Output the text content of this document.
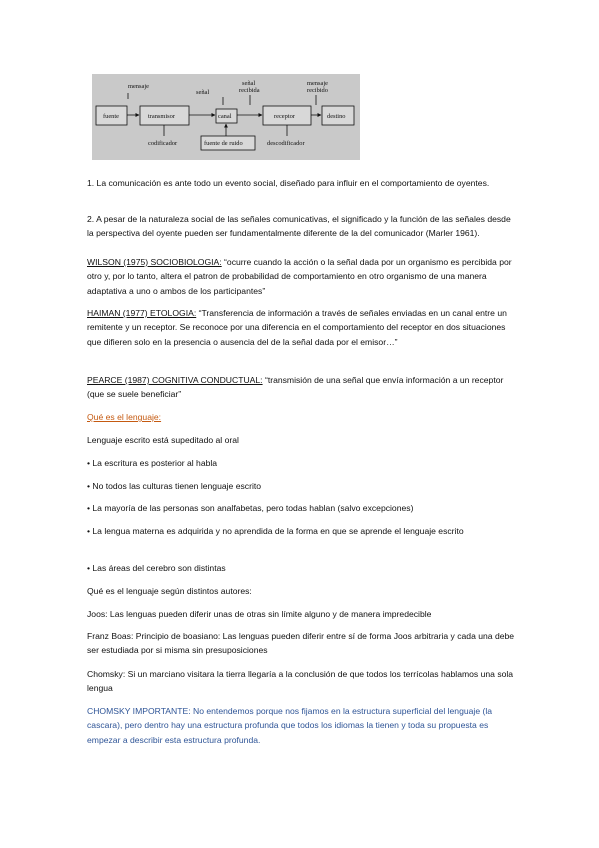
mensaje
señal
señal
recibida
mensaje
recibido
fuente	transmisor	canal	receptor	destino
fuente de ruido
codificador	descodificador

1. La comunicación es ante todo un evento social, diseñado para influir en el comportamiento de oyentes.

2. A pesar de la naturaleza social de las señales comunicativas, el significado y la función de las señales desde la perspectiva del oyente pueden ser fundamentalmente diferente de la del comunicador (Marler 1961).

WILSON (1975) SOCIOBIOLOGIA: “ocurre cuando la acción o la señal dada por un organismo es percibida por otro y, por lo tanto, altera el patron de probabilidad de comportamiento en otro organismo de una manera adaptativa a uno o ambos de los participantes”

HAIMAN (1977) ETOLOGIA: “Transferencia de información a través de señales enviadas en un canal entre un remitente y un receptor. Se reconoce por una diferencia en el comportamiento del receptor en dos situaciones que difieren solo en la presencia o ausencia del de la señal dada por el emisor…”

PEARCE (1987) COGNITIVA CONDUCTUAL: “transmisión de una señal que envía información a un receptor (que se suele beneficiar”

Qué es el lenguaje:

Lenguaje escrito está supeditado al oral

• La escritura es posterior al habla

• No todos las culturas tienen lenguaje escrito

• La mayoría de las personas son analfabetas, pero todas hablan (salvo excepciones)

• La lengua materna es adquirida y no aprendida de la forma en que se aprende el lenguaje escrito

• Las áreas del cerebro son distintas

Qué es el lenguaje según distintos autores:

Joos: Las lenguas pueden diferir unas de otras sin límite alguno y de manera impredecible

Franz Boas: Principio de boasiano: Las lenguas pueden diferir entre sí de forma Joos arbitraria y cada una debe ser estudiada por si misma sin presuposiciones

Chomsky: Si un marciano visitara la tierra llegaría a la conclusión de que todos los terrícolas hablamos una sola lengua

CHOMSKY IMPORTANTE: No entendemos porque nos fijamos en la estructura superficial del lenguaje (la cascara), pero dentro hay una estructura profunda que todos los idiomas la tienen y toda su propuesta es empezar a describir esta estructura profunda.
